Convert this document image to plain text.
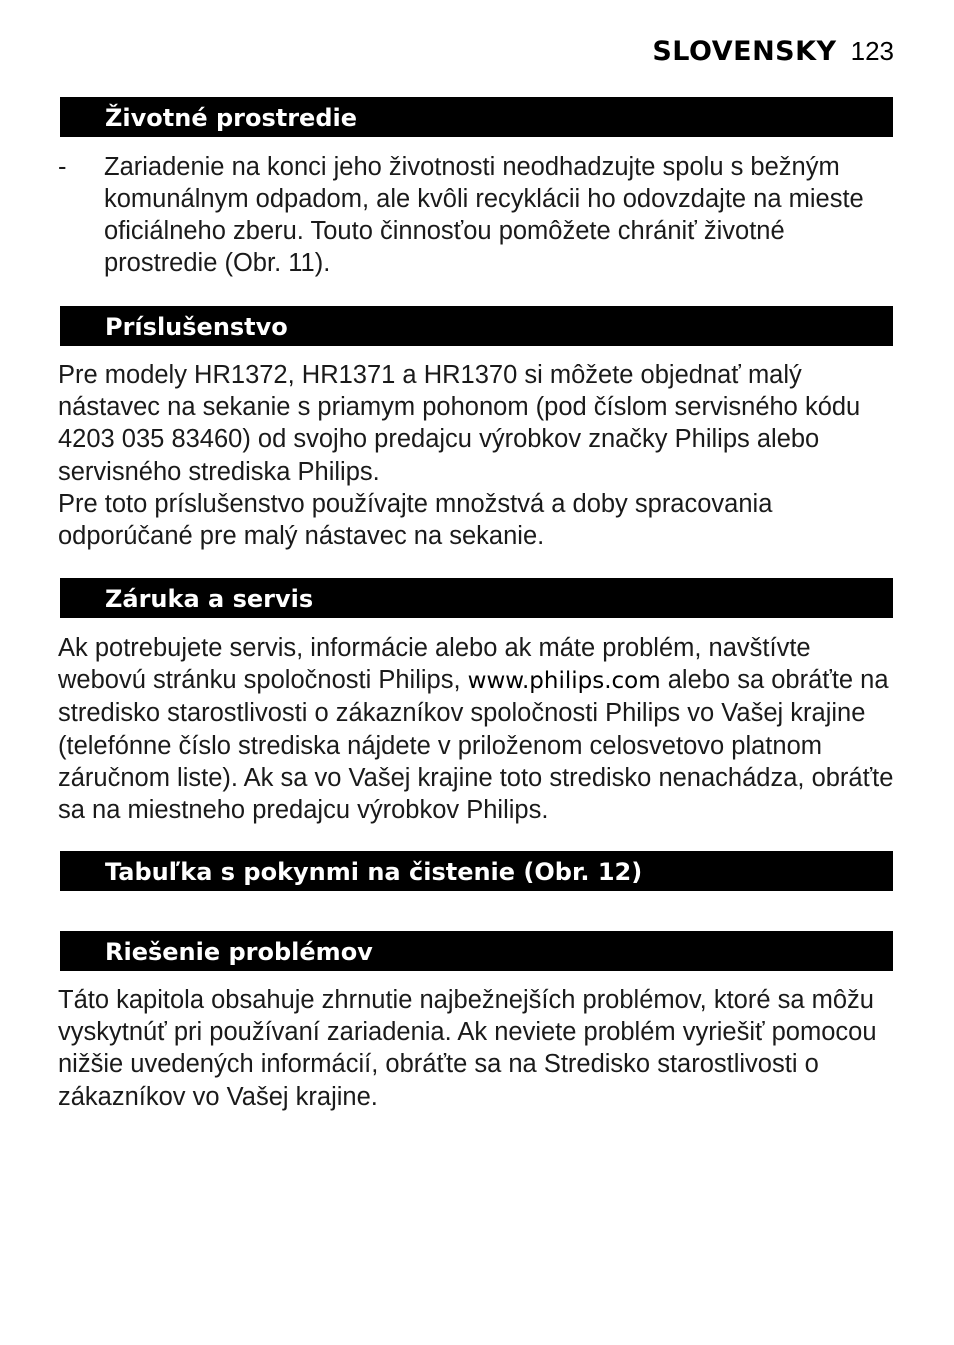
SLOVENSKY 123
Životné prostredie
- Zariadenie na konci jeho životnosti neodhadzujte spolu s bežným
komunálnym odpadom, ale kvôli recyklácii ho odovzdajte na mieste
oficiálneho zberu. Touto činnosťou pomôžete chrániť životné
prostredie (Obr. 11).
Príslušenstvo
Pre modely HR1372, HR1371 a HR1370 si môžete objednať malý
nástavec na sekanie s priamym pohonom (pod číslom servisného kódu
4203 035 83460) od svojho predajcu výrobkov značky Philips alebo
servisného strediska Philips.
Pre toto príslušenstvo používajte množstvá a doby spracovania
odporúčané pre malý nástavec na sekanie.
Záruka a servis
Ak potrebujete servis, informácie alebo ak máte problém, navštívte
webovú stránku spoločnosti Philips, www.philips.com alebo sa obráťte na
stredisko starostlivosti o zákazníkov spoločnosti Philips vo Vašej krajine
(telefónne číslo strediska nájdete v priloženom celosvetovo platnom
záručnom liste). Ak sa vo Vašej krajine toto stredisko nenachádza, obráťte
sa na miestneho predajcu výrobkov Philips.
Tabuľka s pokynmi na čistenie (Obr. 12)
Riešenie problémov
Táto kapitola obsahuje zhrnutie najbežnejších problémov, ktoré sa môžu
vyskytnúť pri používaní zariadenia. Ak neviete problém vyriešiť pomocou
nižšie uvedených informácií, obráťte sa na Stredisko starostlivosti o
zákazníkov vo Vašej krajine.
